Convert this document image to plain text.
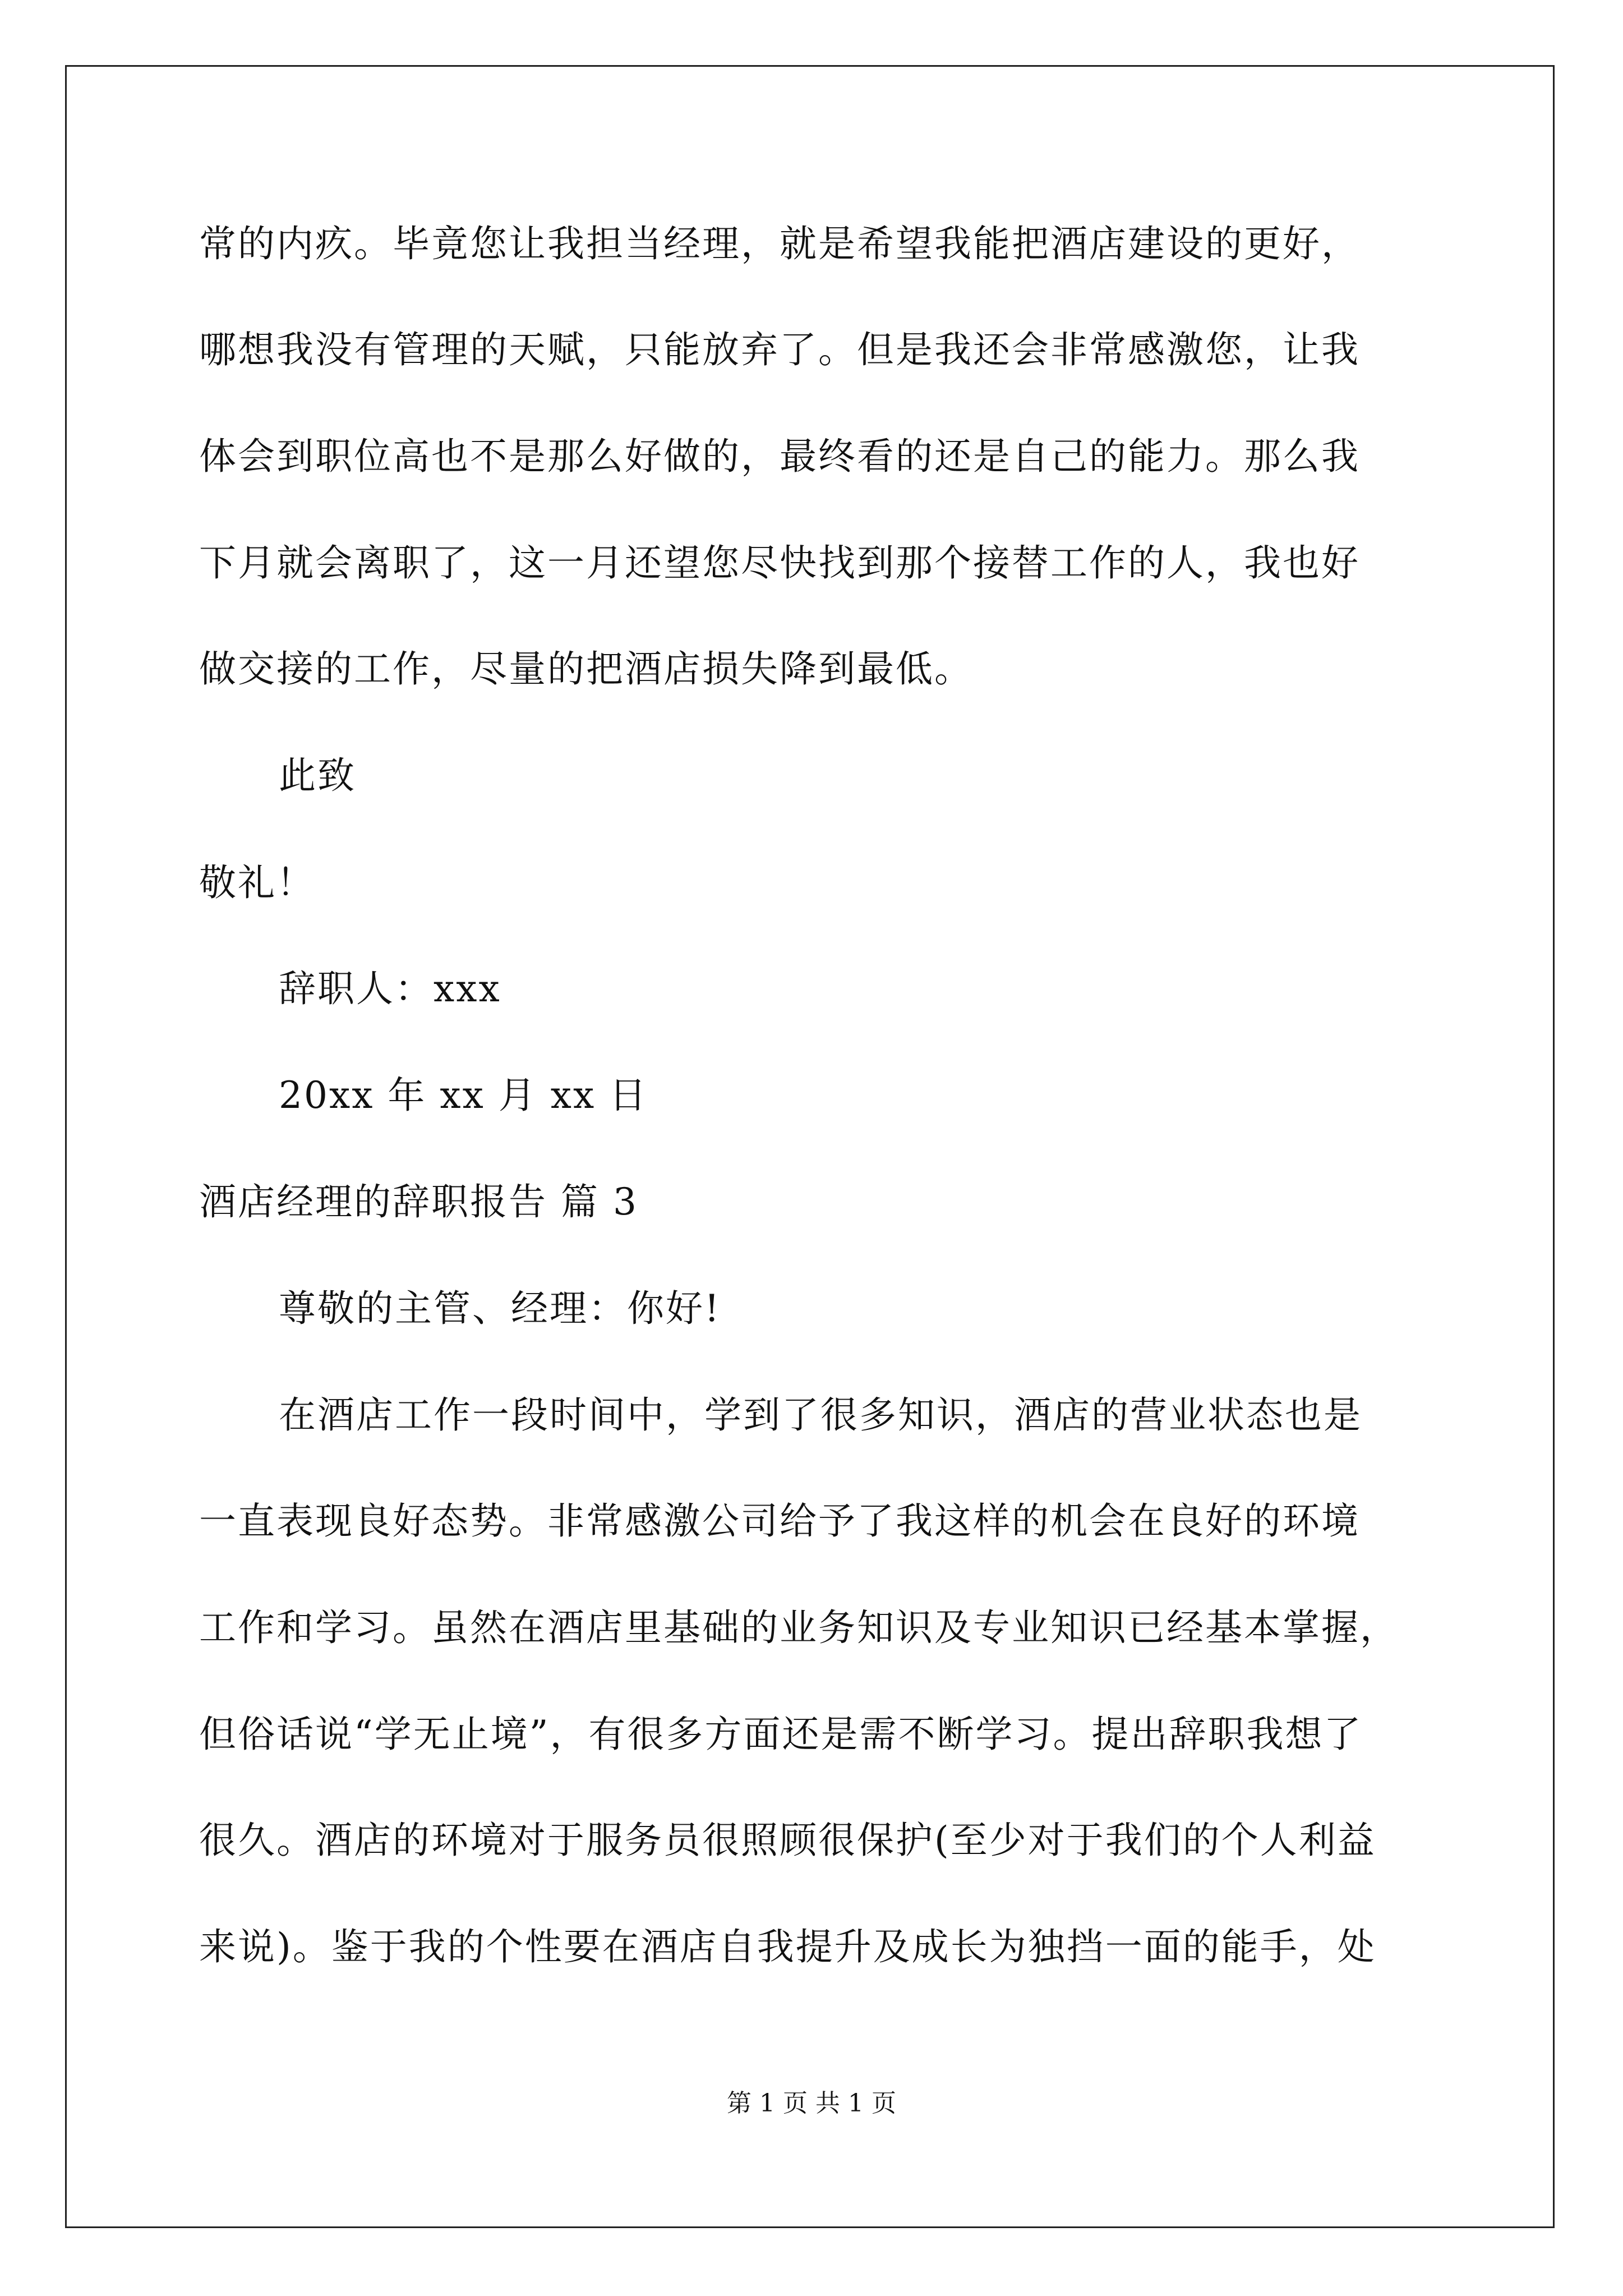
常的内疚。毕竟您让我担当经理，就是希望我能把酒店建设的更好，
哪想我没有管理的天赋，只能放弃了。但是我还会非常感激您，让我
体会到职位高也不是那么好做的，最终看的还是自己的能力。那么我
下月就会离职了，这一月还望您尽快找到那个接替工作的人，我也好
做交接的工作，尽量的把酒店损失降到最低。
此致
敬礼！
辞职人：xxx
20xx 年 xx 月 xx 日
酒店经理的辞职报告 篇 3
尊敬的主管、经理：你好!
在酒店工作一段时间中，学到了很多知识，酒店的营业状态也是
一直表现良好态势。非常感激公司给予了我这样的机会在良好的环境
工作和学习。虽然在酒店里基础的业务知识及专业知识已经基本掌握，
但俗话说“学无止境”，有很多方面还是需不断学习。提出辞职我想了
很久。酒店的环境对于服务员很照顾很保护(至少对于我们的个人利益
来说)。鉴于我的个性要在酒店自我提升及成长为独挡一面的能手，处
第 1 页 共 1 页
